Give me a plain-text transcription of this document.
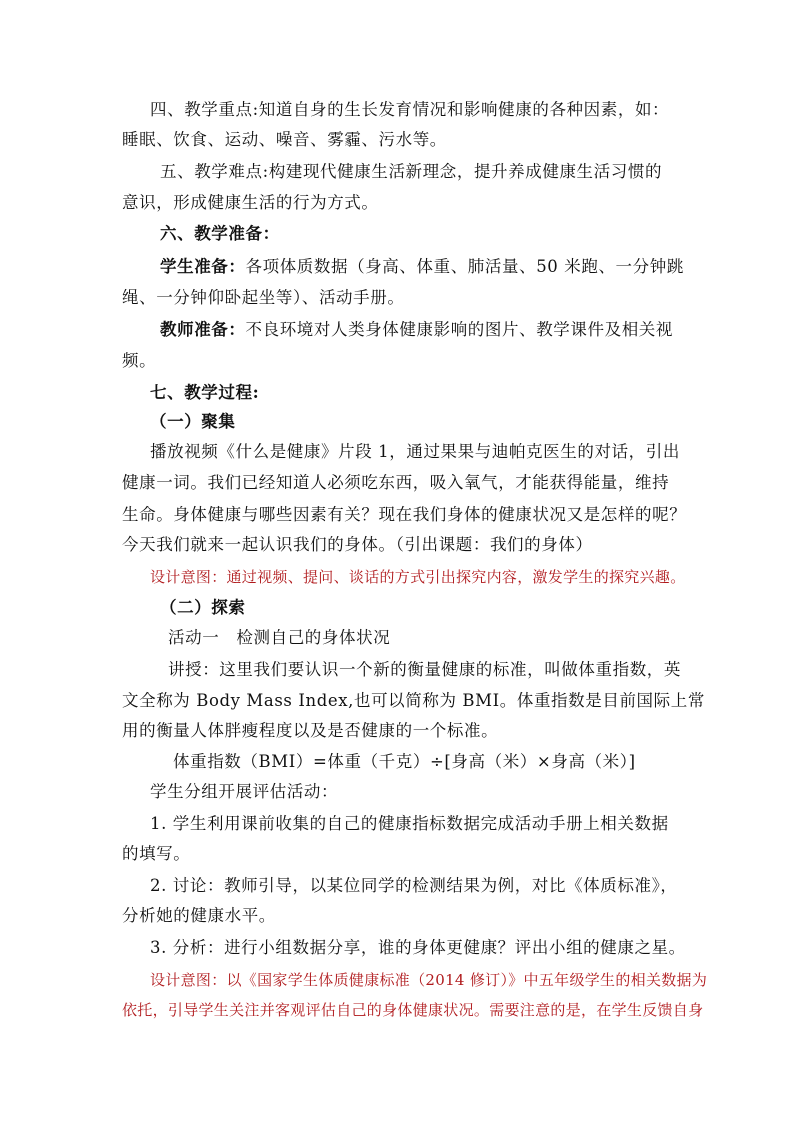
四、教学重点:知道自身的生长发育情况和影响健康的各种因素，如：
睡眠、饮食、运动、噪音、雾霾、污水等。
五、教学难点:构建现代健康生活新理念，提升养成健康生活习惯的
意识，形成健康生活的行为方式。
六、教学准备：
学生准备：各项体质数据（身高、体重、肺活量、50 米跑、一分钟跳
绳、一分钟仰卧起坐等）、活动手册。
教师准备：不良环境对人类身体健康影响的图片、教学课件及相关视
频。
七、教学过程:
（一）聚集
播放视频《什么是健康》片段 1，通过果果与迪帕克医生的对话，引出
健康一词。我们已经知道人必须吃东西，吸入氧气，才能获得能量，维持
生命。身体健康与哪些因素有关？现在我们身体的健康状况又是怎样的呢？
今天我们就来一起认识我们的身体。（引出课题：我们的身体）
设计意图：通过视频、提问、谈话的方式引出探究内容，激发学生的探究兴趣。
（二）探索
活动一　检测自己的身体状况
讲授：这里我们要认识一个新的衡量健康的标准，叫做体重指数，英
文全称为 Body Mass Index,也可以简称为 BMI。体重指数是目前国际上常
用的衡量人体胖瘦程度以及是否健康的一个标准。
体重指数（BMI）=体重（千克）÷[身高（米）×身高（米）]
学生分组开展评估活动：
1. 学生利用课前收集的自己的健康指标数据完成活动手册上相关数据
的填写。
2. 讨论：教师引导，以某位同学的检测结果为例，对比《体质标准》，
分析她的健康水平。
3. 分析：进行小组数据分享，谁的身体更健康？评出小组的健康之星。
设计意图：以《国家学生体质健康标准（2014 修订）》中五年级学生的相关数据为
依托，引导学生关注并客观评估自己的身体健康状况。需要注意的是，在学生反馈自身
